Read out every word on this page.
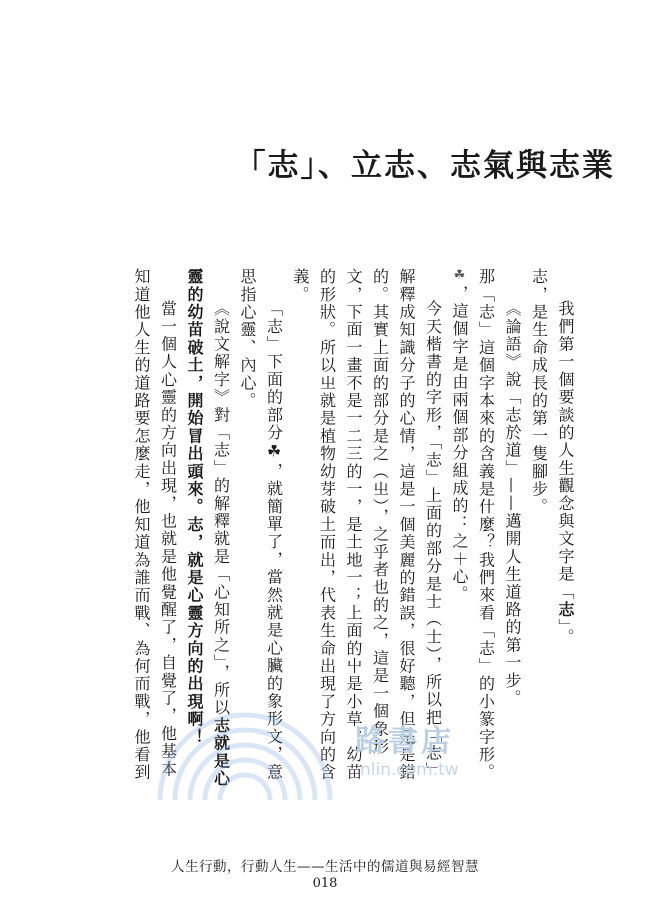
「志」、立志、志氣與志業

我們第一個要談的人生觀念與文字是「志」。

志，是生命成長的第一隻腳步。

《論語》說「志於道」——邁開人生道路的第一步。

那「志」這個字本來的含義是什麼？我們來看「志」的小篆字形。

☘，這個字是由兩個部分組成的：之＋心。

今天楷書的字形，「志」上面的部分是士（士），所以把「志」解釋成知識分子的心情，這是一個美麗的錯誤，很好聽，但是是錯的。其實上面的部分是之（㞢），之乎者也的之，這是一個象形文，下面一畫不是一二三的一，是土地一；上面的屮是小草、幼苗的形狀。所以㞢就是植物幼芽破土而出，代表生命出現了方向的含義。

「志」下面的部分☘，就簡單了，當然就是心臟的象形文，意思指心靈、內心。

《說文解字》對「志」的解釋就是「心知所之」，所以志就是心靈的幼苗破土，開始冒出頭來。志，就是心靈方向的出現啊！

當一個人心靈的方向出現，也就是他覺醒了，自覺了，他基本知道他人生的道路要怎麼走，他知道為誰而戰、為何而戰，他看到	路書店
nlin.com.tw
人生行動，行動人生——生活中的儒道與易經智慧
018
